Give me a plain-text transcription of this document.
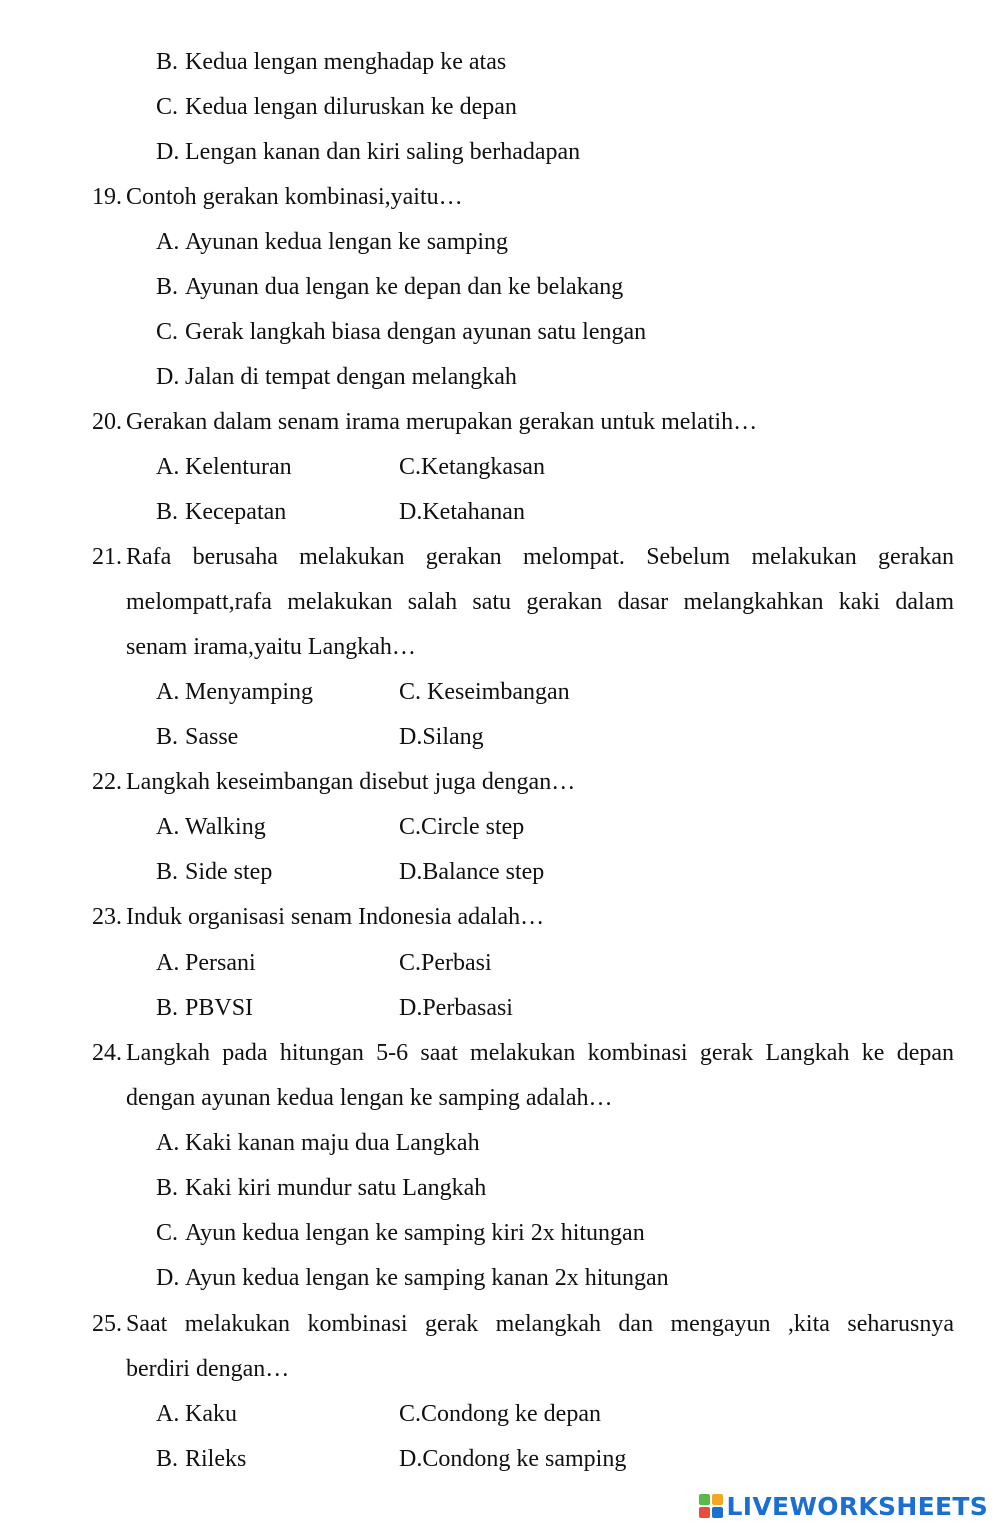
B. Kedua lengan menghadap ke atas
C. Kedua lengan diluruskan ke depan
D. Lengan kanan dan kiri saling berhadapan
19. Contoh gerakan kombinasi,yaitu…
A. Ayunan kedua lengan ke samping
B. Ayunan dua lengan ke depan dan ke belakang
C. Gerak langkah biasa dengan ayunan satu lengan
D. Jalan di tempat dengan melangkah
20. Gerakan dalam senam irama merupakan gerakan untuk melatih…
A. Kelenturan	C.Ketangkasan
B. Kecepatan	D.Ketahanan
21. Rafa berusaha melakukan gerakan melompat. Sebelum melakukan gerakan
melompatt,rafa melakukan salah satu gerakan dasar melangkahkan kaki dalam
senam irama,yaitu Langkah…
A. Menyamping	C. Keseimbangan
B. Sasse	D.Silang
22. Langkah keseimbangan disebut juga dengan…
A. Walking	C.Circle step
B. Side step	D.Balance step
23. Induk organisasi senam Indonesia adalah…
A. Persani	C.Perbasi
B. PBVSI	D.Perbasasi
24. Langkah pada hitungan 5-6 saat melakukan kombinasi gerak Langkah ke depan
dengan ayunan kedua lengan ke samping adalah…
A. Kaki kanan maju dua Langkah
B. Kaki kiri mundur satu Langkah
C. Ayun kedua lengan ke samping kiri 2x hitungan
D. Ayun kedua lengan ke samping kanan 2x hitungan
25. Saat melakukan kombinasi gerak melangkah dan mengayun ,kita seharusnya
berdiri dengan…
A. Kaku	C.Condong ke depan
B. Rileks	D.Condong ke samping
LIVEWORKSHEETS
